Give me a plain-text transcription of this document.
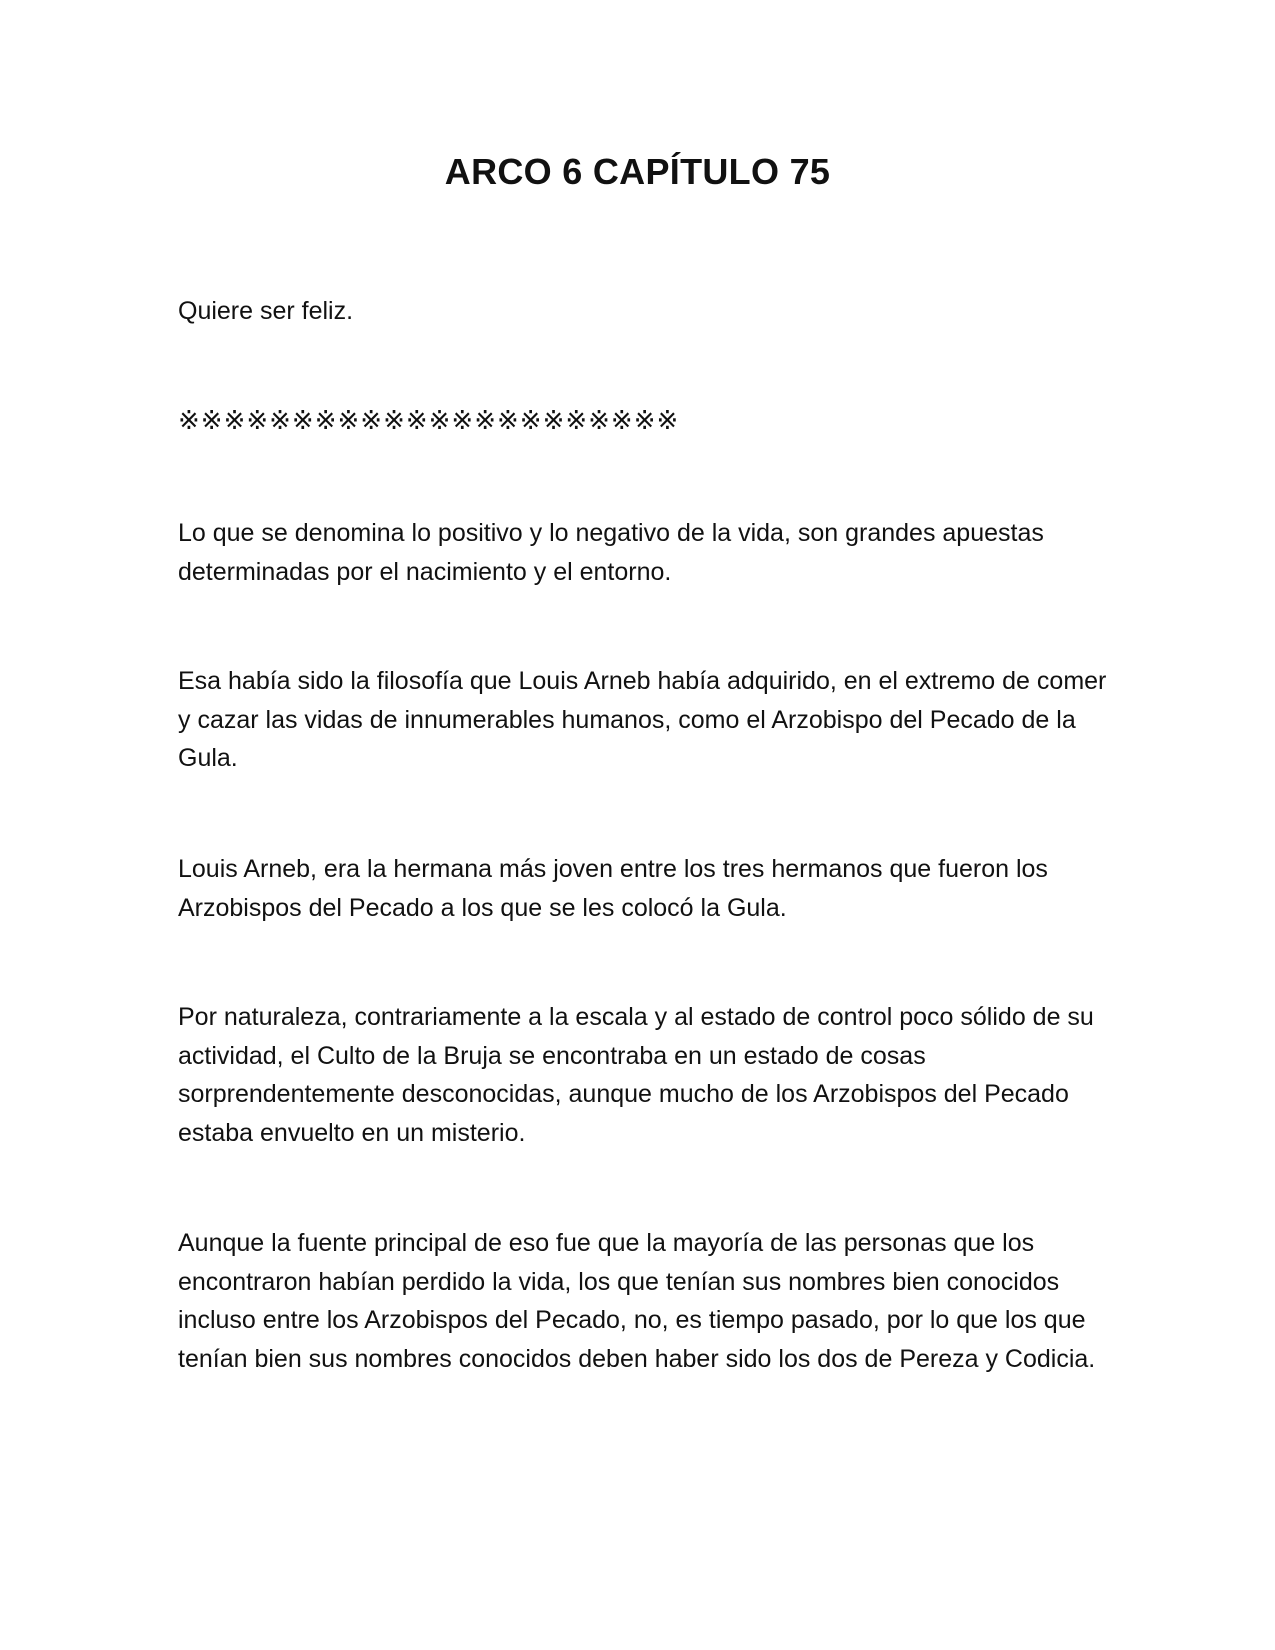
ARCO 6 CAPÍTULO 75

Quiere ser feliz.

※※※※※※※※※※※※※※※※※※※※※※

Lo que se denomina lo positivo y lo negativo de la vida, son grandes apuestas determinadas por el nacimiento y el entorno.

Esa había sido la filosofía que Louis Arneb había adquirido, en el extremo de comer y cazar las vidas de innumerables humanos, como el Arzobispo del Pecado de la Gula.

Louis Arneb, era la hermana más joven entre los tres hermanos que fueron los Arzobispos del Pecado a los que se les colocó la Gula.

Por naturaleza, contrariamente a la escala y al estado de control poco sólido de su actividad, el Culto de la Bruja se encontraba en un estado de cosas sorprendentemente desconocidas, aunque mucho de los Arzobispos del Pecado estaba envuelto en un misterio.

Aunque la fuente principal de eso fue que la mayoría de las personas que los encontraron habían perdido la vida, los que tenían sus nombres bien conocidos incluso entre los Arzobispos del Pecado, no, es tiempo pasado, por lo que los que tenían bien sus nombres conocidos deben haber sido los dos de Pereza y Codicia.
